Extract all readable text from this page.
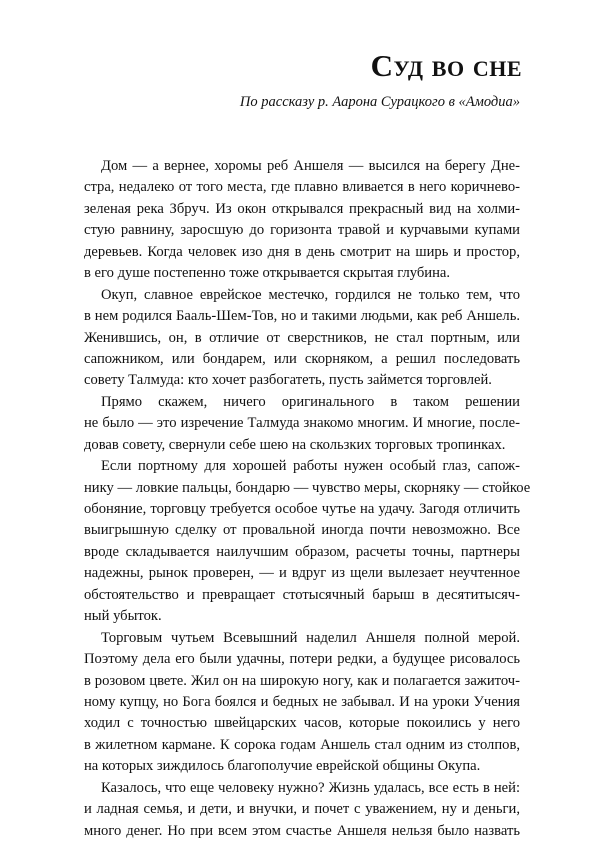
Суд во сне

По рассказу р. Аарона Сурацкого в «Амодиа»

Дом — а вернее, хоромы реб Аншеля — высился на берегу Дне-
стра, недалеко от того места, где плавно вливается в него коричнево-
зеленая река Збруч. Из окон открывался прекрасный вид на холми-
стую равнину, заросшую до горизонта травой и курчавыми купами
деревьев. Когда человек изо дня в день смотрит на ширь и простор,
в его душе постепенно тоже открывается скрытая глубина.
Окуп, славное еврейское местечко, гордился не только тем, что
в нем родился Бааль-Шем-Тов, но и такими людьми, как реб Аншель.
Женившись, он, в отличие от сверстников, не стал портным, или
сапожником, или бондарем, или скорняком, а решил последовать
совету Талмуда: кто хочет разбогатеть, пусть займется торговлей.
Прямо скажем, ничего оригинального в таком решении
не было — это изречение Талмуда знакомо многим. И многие, после-
довав совету, свернули себе шею на скользких торговых тропинках.
Если портному для хорошей работы нужен особый глаз, сапож-
нику — ловкие пальцы, бондарю — чувство меры, скорняку — стойкое
обоняние, торговцу требуется особое чутье на удачу. Загодя отличить
выигрышную сделку от провальной иногда почти невозможно. Все
вроде складывается наилучшим образом, расчеты точны, партнеры
надежны, рынок проверен, — и вдруг из щели вылезает неучтенное
обстоятельство и превращает стотысячный барыш в десятитысяч-
ный убыток.
Торговым чутьем Всевышний наделил Аншеля полной мерой.
Поэтому дела его были удачны, потери редки, а будущее рисовалось
в розовом цвете. Жил он на широкую ногу, как и полагается зажиточ-
ному купцу, но Бога боялся и бедных не забывал. И на уроки Учения
ходил с точностью швейцарских часов, которые покоились у него
в жилетном кармане. К сорока годам Аншель стал одним из столпов,
на которых зиждилось благополучие еврейской общины Окупа.
Казалось, что еще человеку нужно? Жизнь удалась, все есть в ней:
и ладная семья, и дети, и внучки, и почет с уважением, ну и деньги,
много денег. Но при всем этом счастье Аншеля нельзя было назвать
